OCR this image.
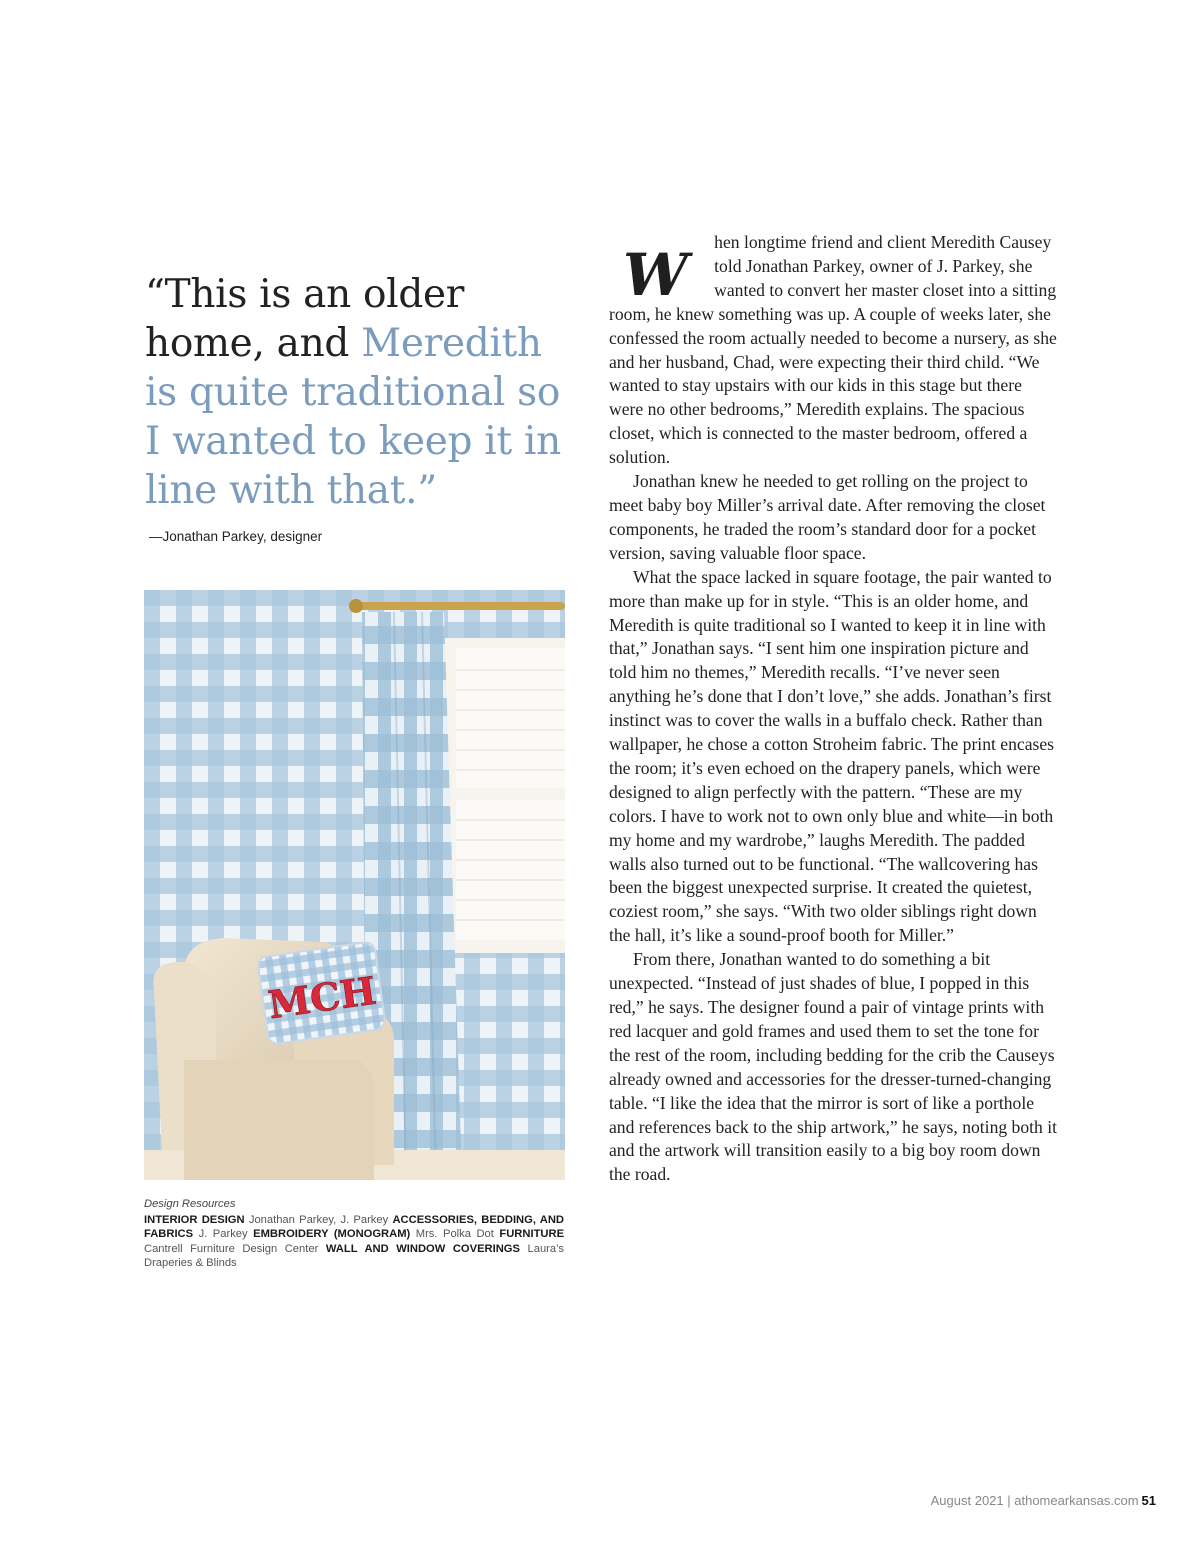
“This is an older home, and Meredith is quite traditional so I wanted to keep it in line with that.”

—Jonathan Parkey, designer

MCH
Design Resources
INTERIOR DESIGN Jonathan Parkey, J. Parkey ACCESSORIES, BEDDING, AND FABRICS J. Parkey EMBROIDERY (MONOGRAM) Mrs. Polka Dot FURNITURE Cantrell Furniture Design Center WALL AND WINDOW COVERINGS Laura’s Draperies & Blinds

W hen longtime friend and client Meredith Causey told Jonathan Parkey, owner of J. Parkey, she wanted to convert her master closet into a sitting room, he knew something was up. A couple of weeks later, she confessed the room actually needed to become a nursery, as she and her husband, Chad, were expecting their third child. “We wanted to stay upstairs with our kids in this stage but there were no other bedrooms,” Meredith explains. The spacious closet, which is connected to the master bedroom, offered a solution.

Jonathan knew he needed to get rolling on the project to meet baby boy Miller’s arrival date. After removing the closet components, he traded the room’s standard door for a pocket version, saving valuable floor space.

What the space lacked in square footage, the pair wanted to more than make up for in style. “This is an older home, and Meredith is quite traditional so I wanted to keep it in line with that,” Jonathan says. “I sent him one inspiration picture and told him no themes,” Meredith recalls. “I’ve never seen anything he’s done that I don’t love,” she adds. Jonathan’s first instinct was to cover the walls in a buffalo check. Rather than wallpaper, he chose a cotton Stroheim fabric. The print encases the room; it’s even echoed on the drapery panels, which were designed to align perfectly with the pattern. “These are my colors. I have to work not to own only blue and white—in both my home and my wardrobe,” laughs Meredith. The padded walls also turned out to be functional. “The wallcovering has been the biggest unexpected surprise. It created the quietest, coziest room,” she says. “With two older siblings right down the hall, it’s like a sound-proof booth for Miller.”

From there, Jonathan wanted to do something a bit unexpected. “Instead of just shades of blue, I popped in this red,” he says. The designer found a pair of vintage prints with red lacquer and gold frames and used them to set the tone for the rest of the room, including bedding for the crib the Causeys already owned and accessories for the dresser-turned-changing table. “I like the idea that the mirror is sort of like a porthole and references back to the ship artwork,” he says, noting both it and the artwork will transition easily to a big boy room down the road.

August 2021 | athomearkansas.com 51
